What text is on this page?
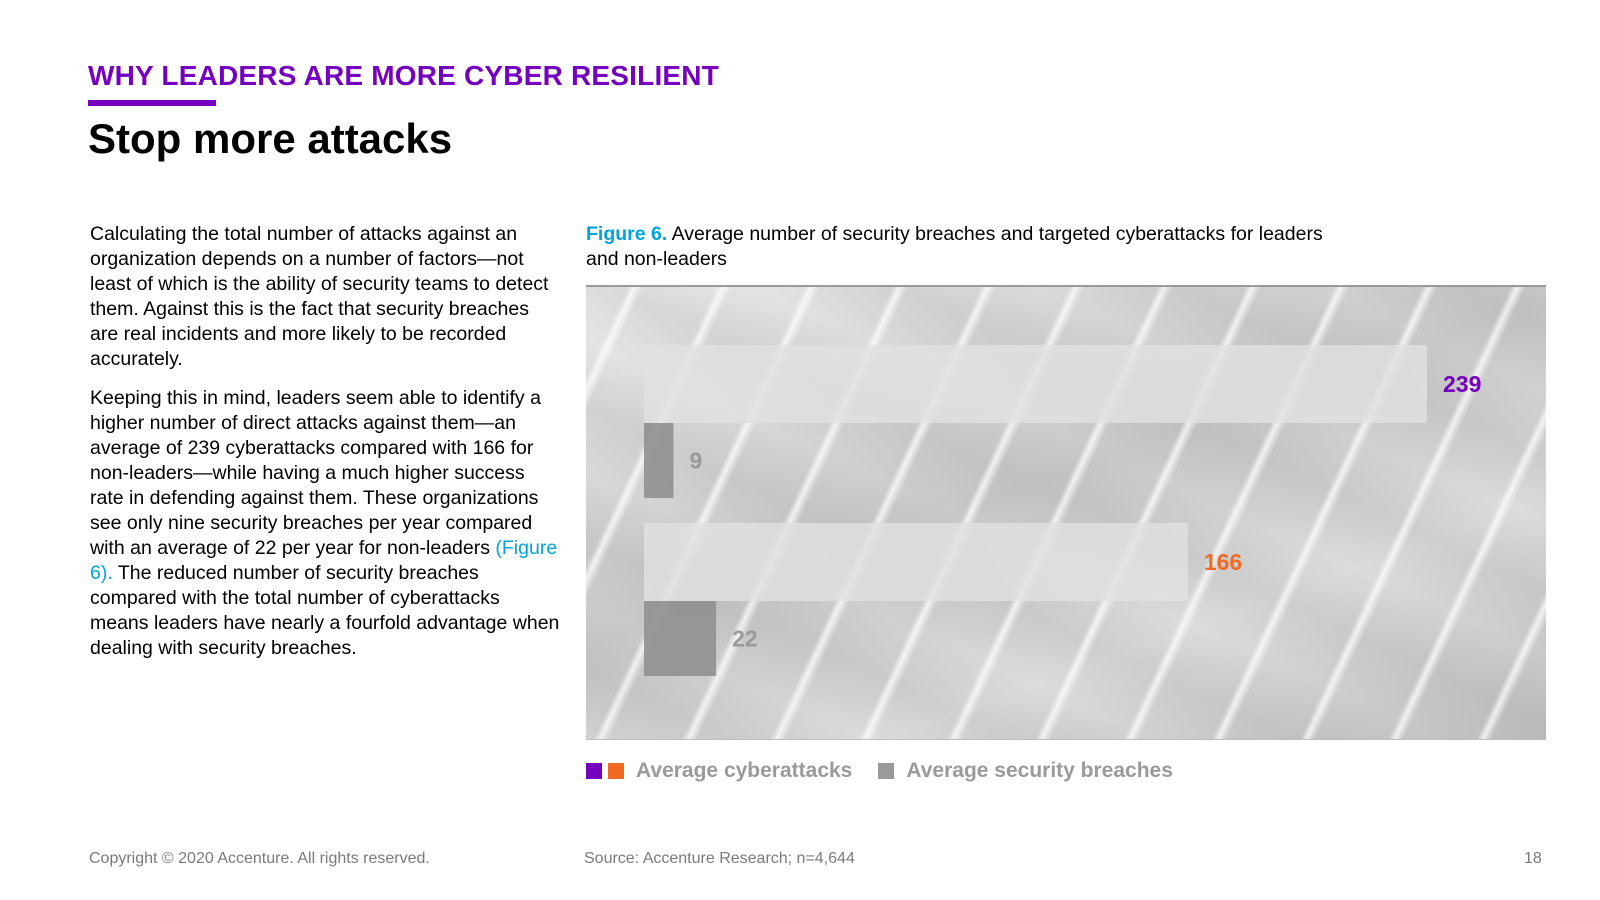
WHY LEADERS ARE MORE CYBER RESILIENT
Stop more attacks

Calculating the total number of attacks against an organization depends on a number of factors—not least of which is the ability of security teams to detect them. Against this is the fact that security breaches are real incidents and more likely to be recorded accurately.

Keeping this in mind, leaders seem able to identify a higher number of direct attacks against them—an average of 239 cyberattacks compared with 166 for non-leaders—while having a much higher success rate in defending against them. These organizations see only nine security breaches per year compared with an average of 22 per year for non-leaders (Figure 6). The reduced number of security breaches compared with the total number of cyberattacks means leaders have nearly a fourfold advantage when dealing with security breaches.

Figure 6. Average number of security breaches and targeted cyberattacks for leaders and non-leaders
239
9
166
22
Average cyberattacks	Average security breaches
Copyright © 2020 Accenture. All rights reserved.	Source: Accenture Research; n=4,644	18
